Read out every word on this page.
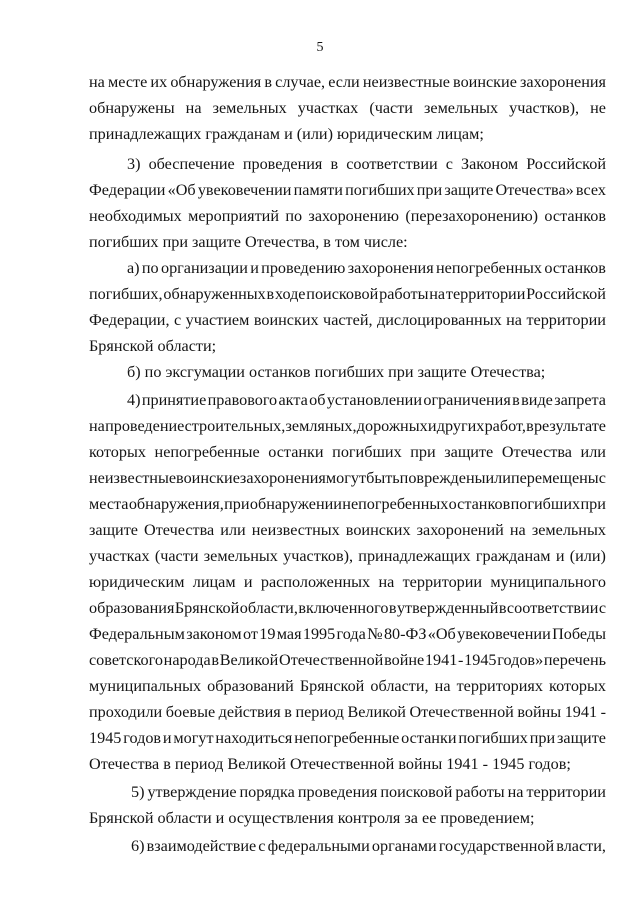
5
на месте их обнаружения в случае, если неизвестные воинские захоронения
обнаружены на земельных участках (части земельных участков), не
принадлежащих гражданам и (или) юридическим лицам;
3) обеспечение проведения в соответствии с Законом Российской
Федерации «Об увековечении памяти погибших при защите Отечества» всех
необходимых мероприятий по захоронению (перезахоронению) останков
погибших при защите Отечества, в том числе:
а) по организации и проведению захоронения непогребенных останков
погибших, обнаруженных в ходе поисковой работы на территории Российской
Федерации, с участием воинских частей, дислоцированных на территории
Брянской области;
б) по эксгумации останков погибших при защите Отечества;
4) принятие правового акта об установлении ограничения в виде запрета
на проведение строительных, земляных, дорожных и других работ, в результате
которых непогребенные останки погибших при защите Отечества или
неизвестные воинские захоронения могут быть повреждены или перемещены с
места обнаружения, при обнаружении непогребенных останков погибших при
защите Отечества или неизвестных воинских захоронений на земельных
участках (части земельных участков), принадлежащих гражданам и (или)
юридическим лицам и расположенных на территории муниципального
образования Брянской области, включенного в утвержденный в соответствии с
Федеральным законом от 19 мая 1995 года № 80-ФЗ «Об увековечении Победы
советского народа в Великой Отечественной войне 1941 - 1945 годов» перечень
муниципальных образований Брянской области, на территориях которых
проходили боевые действия в период Великой Отечественной войны 1941 -
1945 годов и могут находиться непогребенные останки погибших при защите
Отечества в период Великой Отечественной войны 1941 - 1945 годов;
5) утверждение порядка проведения поисковой работы на территории
Брянской области и осуществления контроля за ее проведением;
6) взаимодействие с федеральными органами государственной власти,
